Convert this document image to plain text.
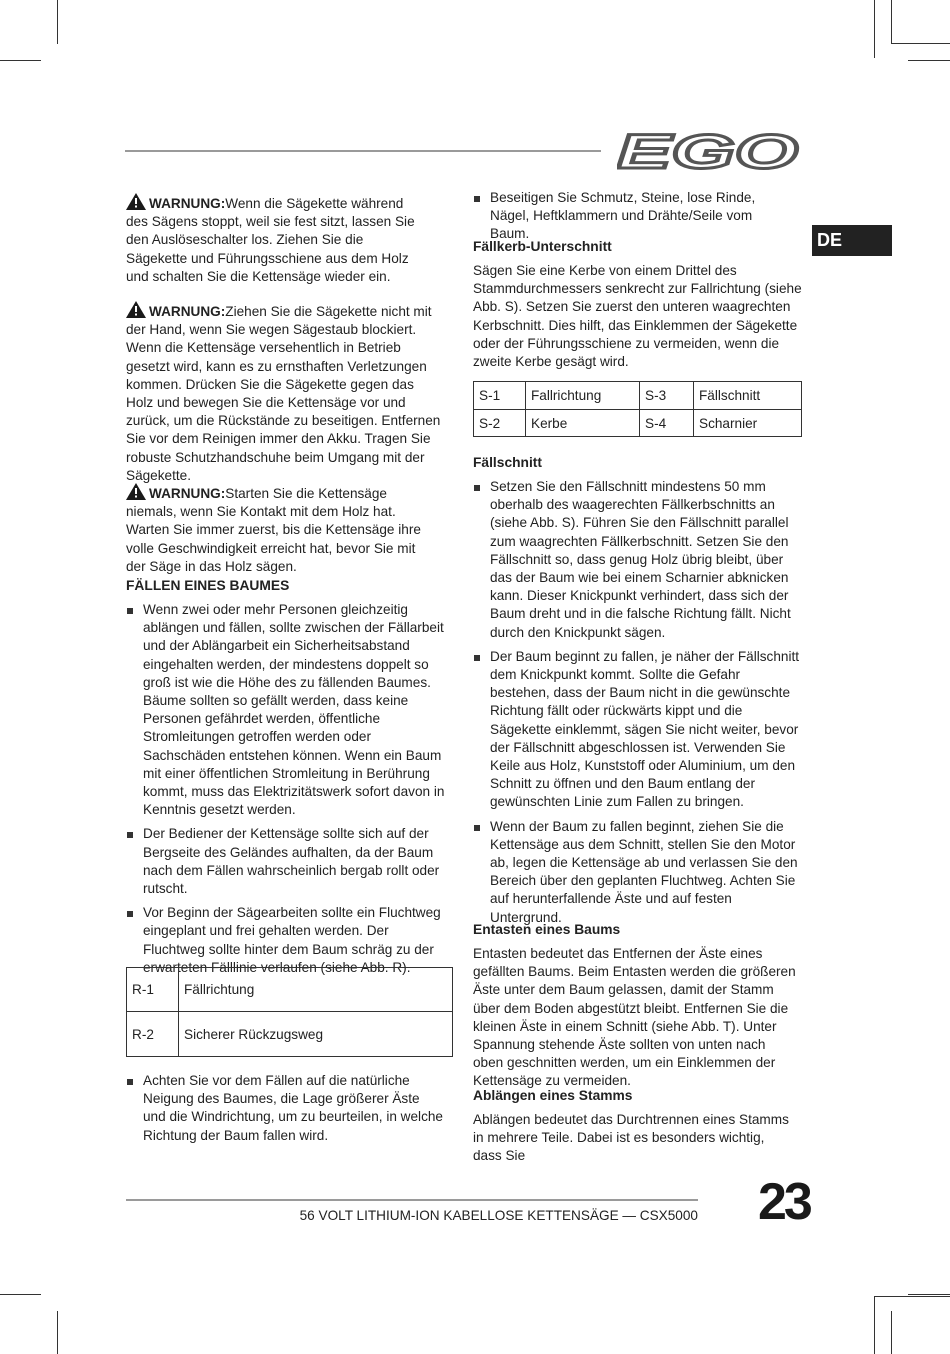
EGO
DE
WARNUNG:Wenn die Sägekette während des Sägens stoppt, weil sie fest sitzt, lassen Sie den Auslöseschalter los. Ziehen Sie die Sägekette und Führungsschiene aus dem Holz und schalten Sie die Kettensäge wieder ein.
WARNUNG:Ziehen Sie die Sägekette nicht mit der Hand, wenn Sie wegen Sägestaub blockiert. Wenn die Kettensäge versehentlich in Betrieb gesetzt wird, kann es zu ernsthaften Verletzungen kommen. Drücken Sie die Sägekette gegen das Holz und bewegen Sie die Kettensäge vor und zurück, um die Rückstände zu beseitigen. Entfernen Sie vor dem Reinigen immer den Akku. Tragen Sie robuste Schutzhandschuhe beim Umgang mit der Sägekette.
WARNUNG:Starten Sie die Kettensäge niemals, wenn Sie Kontakt mit dem Holz hat. Warten Sie immer zuerst, bis die Kettensäge ihre volle Geschwindigkeit erreicht hat, bevor Sie mit der Säge in das Holz sägen.
FÄLLEN EINES BAUMES
Wenn zwei oder mehr Personen gleichzeitig ablängen und fällen, sollte zwischen der Fällarbeit und der Ablängarbeit ein Sicherheitsabstand eingehalten werden, der mindestens doppelt so groß ist wie die Höhe des zu fällenden Baumes. Bäume sollten so gefällt werden, dass keine Personen gefährdet werden, öffentliche Stromleitungen getroffen werden oder Sachschäden entstehen können. Wenn ein Baum mit einer öffentlichen Stromleitung in Berührung kommt, muss das Elektrizitätswerk sofort davon in Kenntnis gesetzt werden.
Der Bediener der Kettensäge sollte sich auf der Bergseite des Geländes aufhalten, da der Baum nach dem Fällen wahrscheinlich bergab rollt oder rutscht.
Vor Beginn der Sägearbeiten sollte ein Fluchtweg eingeplant und frei gehalten werden. Der Fluchtweg sollte hinter dem Baum schräg zu der erwarteten Fälllinie verlaufen (siehe Abb. R).
R-1	Fällrichtung
R-2	Sicherer Rückzugsweg
Achten Sie vor dem Fällen auf die natürliche Neigung des Baumes, die Lage größerer Äste und die Windrichtung, um zu beurteilen, in welche Richtung der Baum fallen wird.
Beseitigen Sie Schmutz, Steine, lose Rinde, Nägel, Heftklammern und Drähte/Seile vom Baum.
Fällkerb-Unterschnitt

Sägen Sie eine Kerbe von einem Drittel des Stammdurchmessers senkrecht zur Fallrichtung (siehe Abb. S). Setzen Sie zuerst den unteren waagrechten Kerbschnitt. Dies hilft, das Einklemmen der Sägekette oder der Führungsschiene zu vermeiden, wenn die zweite Kerbe gesägt wird.

S-1	Fallrichtung	S-3	Fällschnitt
S-2	Kerbe	S-4	Scharnier
Fällschnitt
Setzen Sie den Fällschnitt mindestens 50 mm oberhalb des waagerechten Fällkerbschnitts an (siehe Abb. S). Führen Sie den Fällschnitt parallel zum waagrechten Fällkerbschnitt. Setzen Sie den Fällschnitt so, dass genug Holz übrig bleibt, über das der Baum wie bei einem Scharnier abknicken kann. Dieser Knickpunkt verhindert, dass sich der Baum dreht und in die falsche Richtung fällt. Nicht durch den Knickpunkt sägen.
Der Baum beginnt zu fallen, je näher der Fällschnitt dem Knickpunkt kommt. Sollte die Gefahr bestehen, dass der Baum nicht in die gewünschte Richtung fällt oder rückwärts kippt und die Sägekette einklemmt, sägen Sie nicht weiter, bevor der Fällschnitt abgeschlossen ist. Verwenden Sie Keile aus Holz, Kunststoff oder Aluminium, um den Schnitt zu öffnen und den Baum entlang der gewünschten Linie zum Fallen zu bringen.
Wenn der Baum zu fallen beginnt, ziehen Sie die Kettensäge aus dem Schnitt, stellen Sie den Motor ab, legen die Kettensäge ab und verlassen Sie den Bereich über den geplanten Fluchtweg. Achten Sie auf herunterfallende Äste und auf festen Untergrund.
Entasten eines Baums

Entasten bedeutet das Entfernen der Äste eines gefällten Baums. Beim Entasten werden die größeren Äste unter dem Baum gelassen, damit der Stamm über dem Boden abgestützt bleibt. Entfernen Sie die kleinen Äste in einem Schnitt (siehe Abb. T). Unter Spannung stehende Äste sollten von unten nach oben geschnitten werden, um ein Einklemmen der Kettensäge zu vermeiden.

Ablängen eines Stamms

Ablängen bedeutet das Durchtrennen eines Stamms in mehrere Teile. Dabei ist es besonders wichtig, dass Sie

56 VOLT LITHIUM-ION KABELLOSE KETTENSÄGE — CSX5000 23
